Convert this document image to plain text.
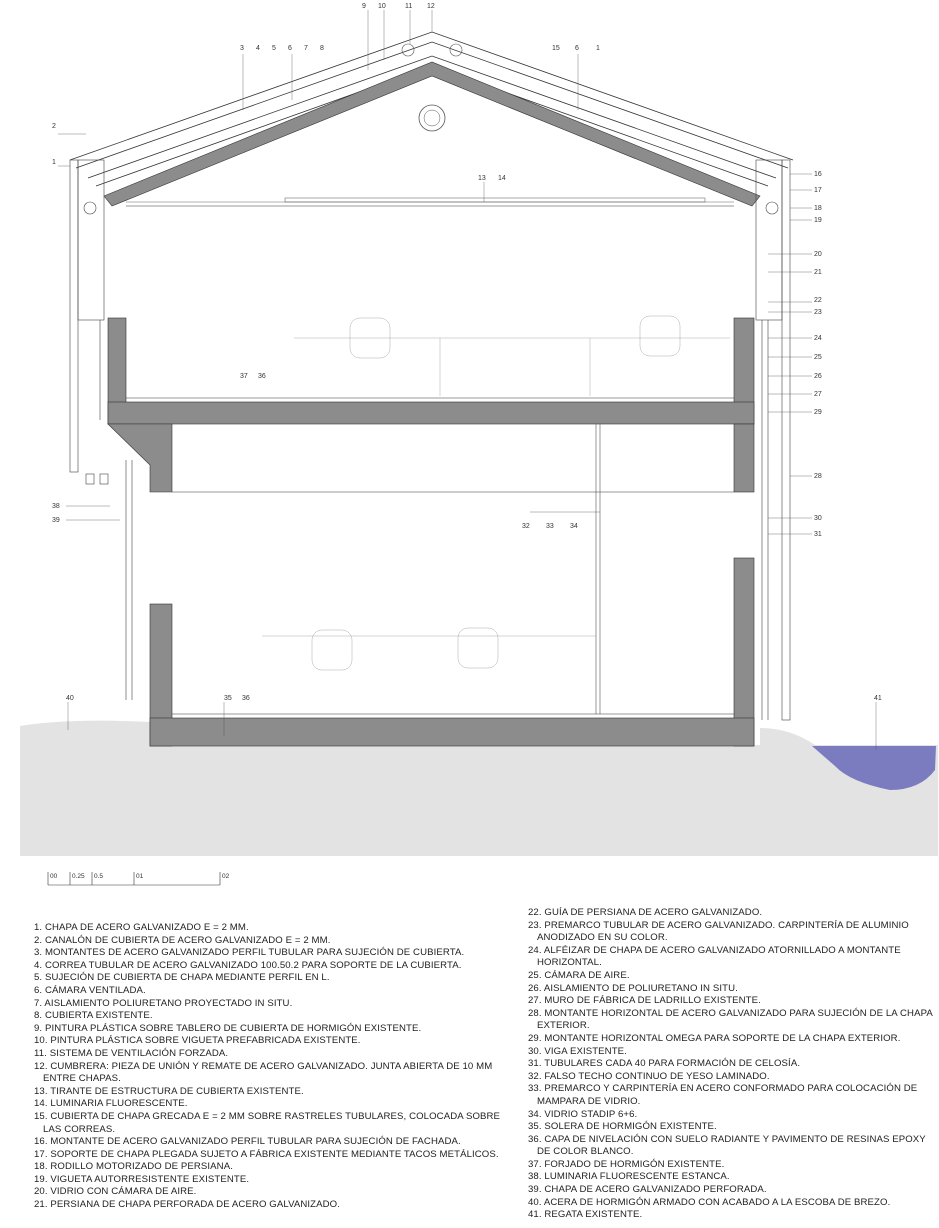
9 10	11 12
3 4 5 6 7 8	15 6 1
2
1
13 14
16
17
18
19
20
21
22
23
24
25
26
27
29
37 36
28
30
31
38
39
32 33 34
40	35 36	41
00 0.25 0.5	01	02
1. CHAPA DE ACERO GALVANIZADO E = 2 MM.
2. CANALÓN DE CUBIERTA DE ACERO GALVANIZADO E = 2 MM.
3. MONTANTES DE ACERO GALVANIZADO PERFIL TUBULAR PARA SUJECIÓN DE CUBIERTA.
4. CORREA TUBULAR DE ACERO GALVANIZADO 100.50.2 PARA SOPORTE DE LA CUBIERTA.
5. SUJECIÓN DE CUBIERTA DE CHAPA MEDIANTE PERFIL EN L.
6. CÁMARA VENTILADA.
7. AISLAMIENTO POLIURETANO PROYECTADO IN SITU.
8. CUBIERTA EXISTENTE.
9. PINTURA PLÁSTICA SOBRE TABLERO DE CUBIERTA DE HORMIGÓN EXISTENTE.
10. PINTURA PLÁSTICA SOBRE VIGUETA PREFABRICADA EXISTENTE.
11. SISTEMA DE VENTILACIÓN FORZADA.
12. CUMBRERA: PIEZA DE UNIÓN Y REMATE DE ACERO GALVANIZADO. JUNTA ABIERTA DE 10 MM ENTRE CHAPAS.
13. TIRANTE DE ESTRUCTURA DE CUBIERTA EXISTENTE.
14. LUMINARIA FLUORESCENTE.
15. CUBIERTA DE CHAPA GRECADA E = 2 MM SOBRE RASTRELES TUBULARES, COLOCADA SOBRE LAS CORREAS.
16. MONTANTE DE ACERO GALVANIZADO PERFIL TUBULAR PARA SUJECIÓN DE FACHADA.
17. SOPORTE DE CHAPA PLEGADA SUJETO A FÁBRICA EXISTENTE MEDIANTE TACOS METÁLICOS.
18. RODILLO MOTORIZADO DE PERSIANA.
19. VIGUETA AUTORRESISTENTE EXISTENTE.
20. VIDRIO CON CÁMARA DE AIRE.
21. PERSIANA DE CHAPA PERFORADA DE ACERO GALVANIZADO.
22. GUÍA DE PERSIANA DE ACERO GALVANIZADO.
23. PREMARCO TUBULAR DE ACERO GALVANIZADO. CARPINTERÍA DE ALUMINIO ANODIZADO EN SU COLOR.
24. ALFÉIZAR DE CHAPA DE ACERO GALVANIZADO ATORNILLADO A MONTANTE HORIZONTAL.
25. CÁMARA DE AIRE.
26. AISLAMIENTO DE POLIURETANO IN SITU.
27. MURO DE FÁBRICA DE LADRILLO EXISTENTE.
28. MONTANTE HORIZONTAL DE ACERO GALVANIZADO PARA SUJECIÓN DE LA CHAPA EXTERIOR.
29. MONTANTE HORIZONTAL OMEGA PARA SOPORTE DE LA CHAPA EXTERIOR.
30. VIGA EXISTENTE.
31. TUBULARES CADA 40 PARA FORMACIÓN DE CELOSÍA.
32. FALSO TECHO CONTINUO DE YESO LAMINADO.
33. PREMARCO Y CARPINTERÍA EN ACERO CONFORMADO PARA COLOCACIÓN DE MAMPARA DE VIDRIO.
34. VIDRIO STADIP 6+6.
35. SOLERA DE HORMIGÓN EXISTENTE.
36. CAPA DE NIVELACIÓN CON SUELO RADIANTE Y PAVIMENTO DE RESINAS EPOXY DE COLOR BLANCO.
37. FORJADO DE HORMIGÓN EXISTENTE.
38. LUMINARIA FLUORESCENTE ESTANCA.
39. CHAPA DE ACERO GALVANIZADO PERFORADA.
40. ACERA DE HORMIGÓN ARMADO CON ACABADO A LA ESCOBA DE BREZO.
41. REGATA EXISTENTE.
